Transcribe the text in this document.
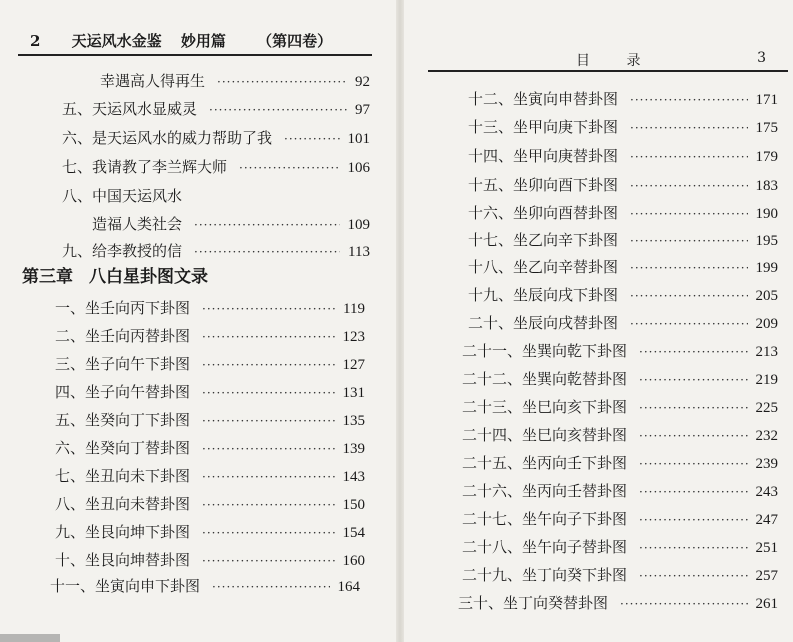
2 天运风水金鉴 妙用篇 （第四卷）
幸遇高人得再生 ·····	92
五、天运风水显威灵 ·····	97
六、是天运风水的威力帮助了我 ·····	101
七、我请教了李兰辉大师 ·····	106
八、中国天运风水
造福人类社会 ·····	109
九、给李教授的信 ·····	113
第三章 八白星卦图文录
一、坐壬向丙下卦图 ·····	119
二、坐壬向丙替卦图 ·····	123
三、坐子向午下卦图 ·····	127
四、坐子向午替卦图 ·····	131
五、坐癸向丁下卦图 ·····	135
六、坐癸向丁替卦图 ·····	139
七、坐丑向未下卦图 ·····	143
八、坐丑向未替卦图 ·····	150
九、坐艮向坤下卦图 ·····	154
十、坐艮向坤替卦图 ·····	160
十一、坐寅向申下卦图 ·····	164
目 录	3
十二、坐寅向申替卦图 ·····	171
十三、坐甲向庚下卦图 ·····	175
十四、坐甲向庚替卦图 ·····	179
十五、坐卯向酉下卦图 ·····	183
十六、坐卯向酉替卦图 ·····	190
十七、坐乙向辛下卦图 ·····	195
十八、坐乙向辛替卦图 ·····	199
十九、坐辰向戌下卦图 ·····	205
二十、坐辰向戌替卦图 ·····	209
二十一、坐巽向乾下卦图 ·····	213
二十二、坐巽向乾替卦图 ·····	219
二十三、坐巳向亥下卦图 ·····	225
二十四、坐巳向亥替卦图 ·····	232
二十五、坐丙向壬下卦图 ·····	239
二十六、坐丙向壬替卦图 ·····	243
二十七、坐午向子下卦图 ·····	247
二十八、坐午向子替卦图 ·····	251
二十九、坐丁向癸下卦图 ·····	257
三十、坐丁向癸替卦图 ·····	261
